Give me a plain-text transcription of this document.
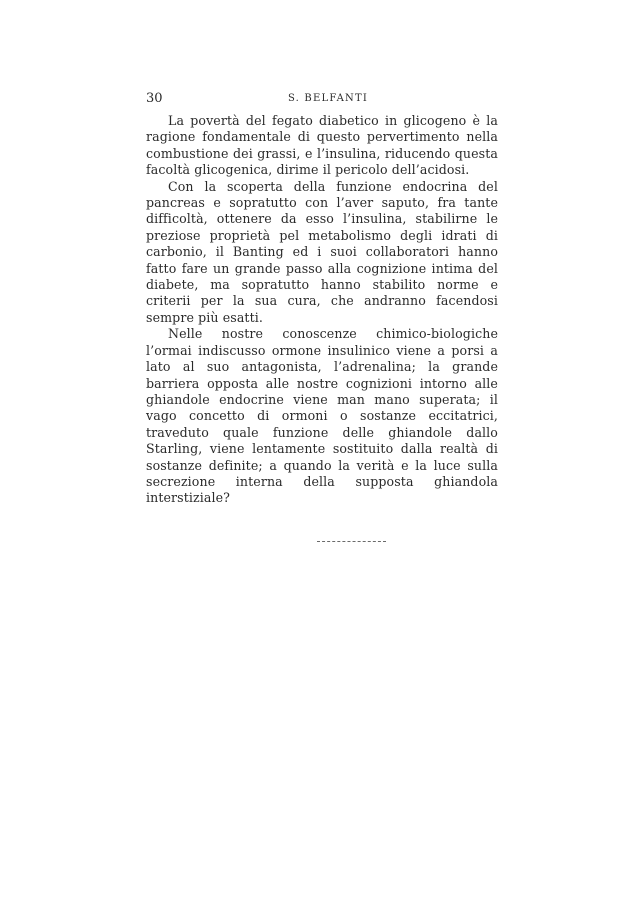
30	S. BELFANTI

La povertà del fegato diabetico in glicogeno è la ragione fondamentale di questo pervertimento nella combustione dei grassi, e l’insulina, riducendo questa facoltà glicogenica, dirime il pericolo dell’acidosi.

Con la scoperta della funzione endocrina del pancreas e sopratutto con l’aver saputo, fra tante difficoltà, ottenere da esso l’insulina, stabilirne le preziose proprietà pel metabolismo degli idrati di carbonio, il Banting ed i suoi collaboratori hanno fatto fare un grande passo alla cognizione intima del diabete, ma sopratutto hanno stabilito norme e criterii per la sua cura, che andranno facendosi sempre più esatti.

Nelle nostre conoscenze chimico-biologiche l’ormai indiscusso ormone insulinico viene a porsi a lato al suo antagonista, l’adrenalina; la grande barriera opposta alle nostre cognizioni intorno alle ghiandole endocrine viene man mano superata; il vago concetto di ormoni o sostanze eccitatrici, traveduto quale funzione delle ghiandole dallo Starling, viene lentamente sostituito dalla realtà di sostanze definite; a quando la verità e la luce sulla secrezione interna della supposta ghiandola interstiziale?
